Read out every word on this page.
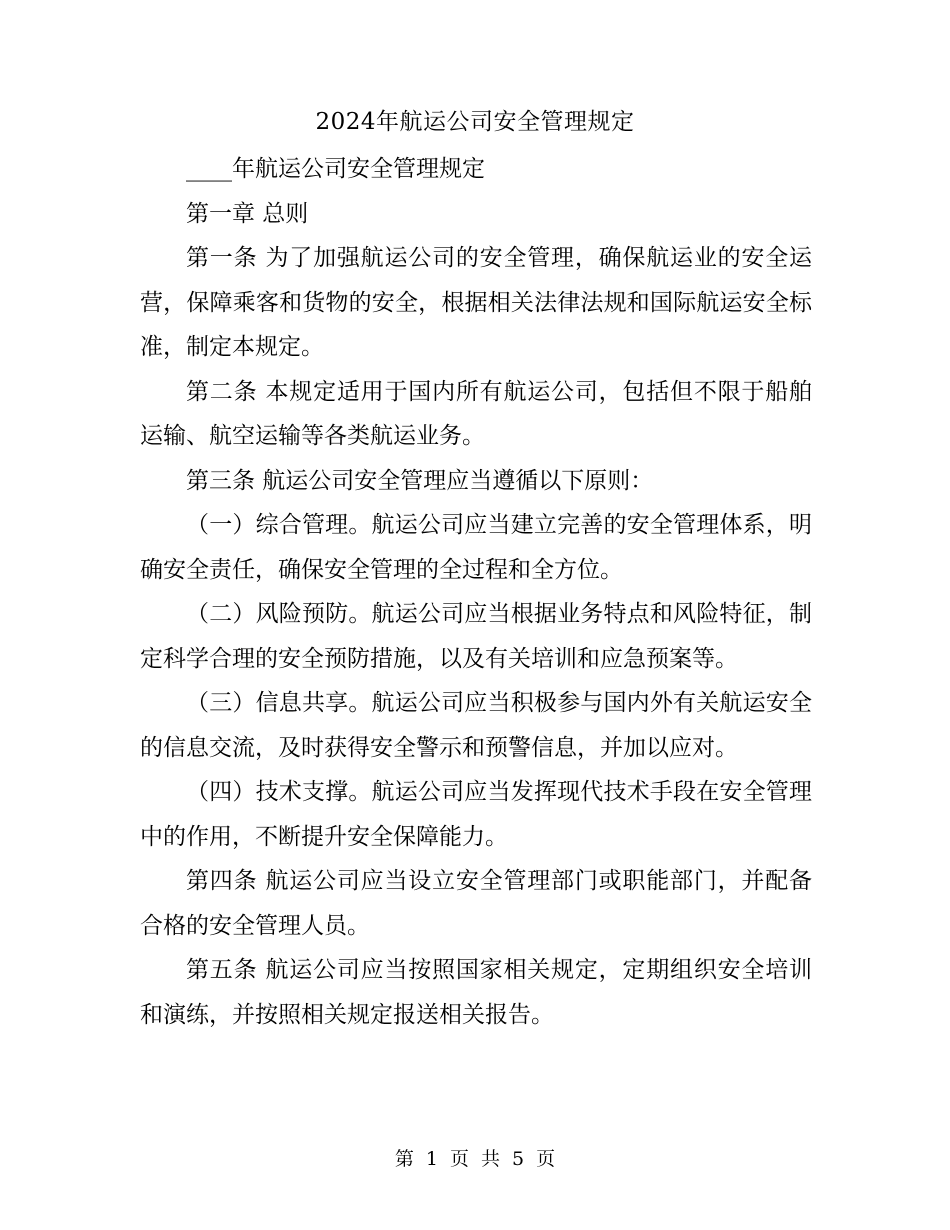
2024年航运公司安全管理规定

____年航运公司安全管理规定

第一章 总则

第一条 为了加强航运公司的安全管理，确保航运业的安全运营，保障乘客和货物的安全，根据相关法律法规和国际航运安全标准，制定本规定。

第二条 本规定适用于国内所有航运公司，包括但不限于船舶运输、航空运输等各类航运业务。

第三条 航运公司安全管理应当遵循以下原则：

（一）综合管理。航运公司应当建立完善的安全管理体系，明确安全责任，确保安全管理的全过程和全方位。

（二）风险预防。航运公司应当根据业务特点和风险特征，制定科学合理的安全预防措施，以及有关培训和应急预案等。

（三）信息共享。航运公司应当积极参与国内外有关航运安全的信息交流，及时获得安全警示和预警信息，并加以应对。

（四）技术支撑。航运公司应当发挥现代技术手段在安全管理中的作用，不断提升安全保障能力。

第四条 航运公司应当设立安全管理部门或职能部门，并配备合格的安全管理人员。

第五条 航运公司应当按照国家相关规定，定期组织安全培训和演练，并按照相关规定报送相关报告。

第 1 页 共 5 页
